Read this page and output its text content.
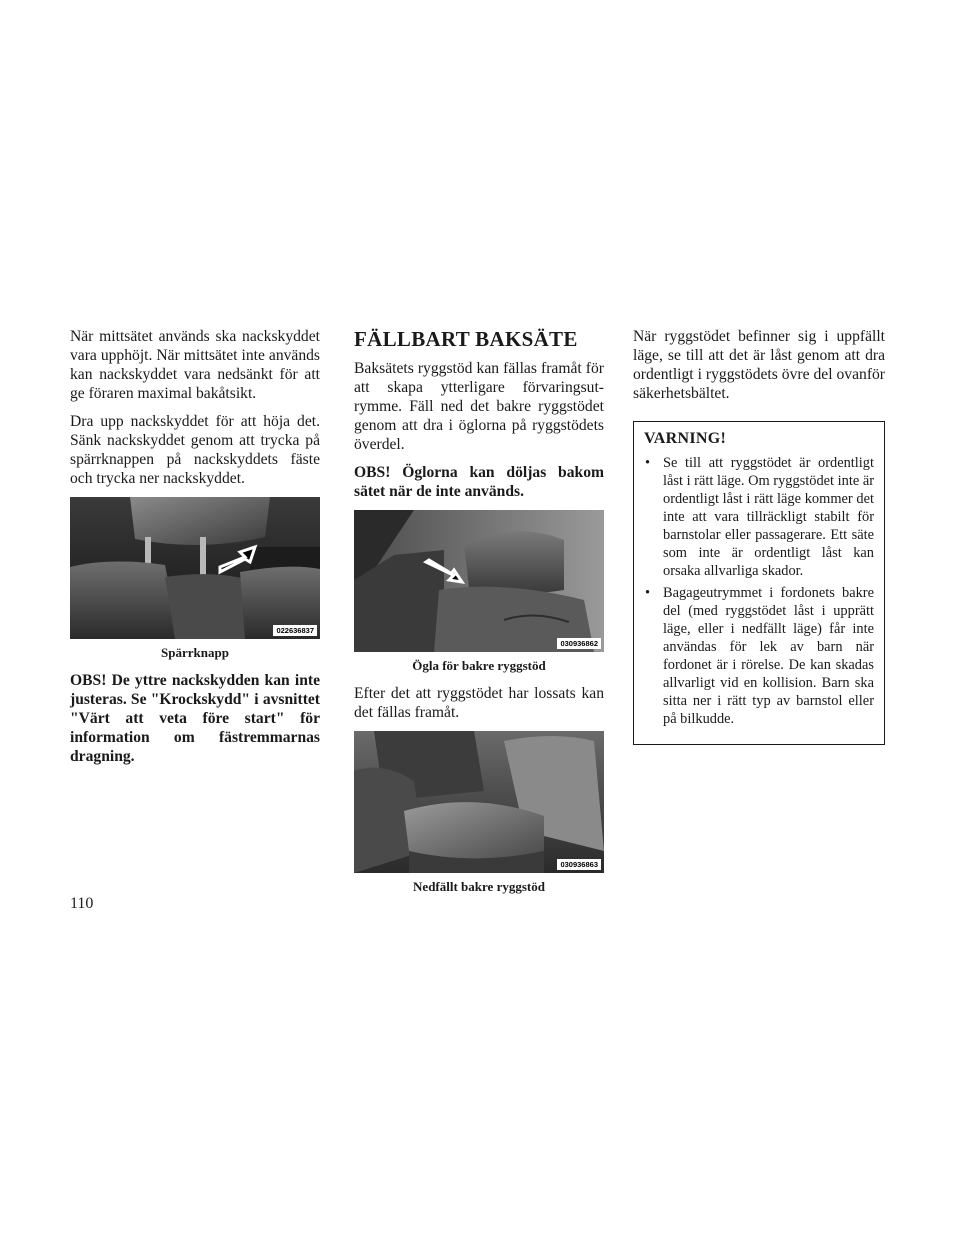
När mittsätet används ska nackskyddet vara upphöjt. När mittsätet inte används kan nackskyddet vara nedsänkt för att ge föraren maximal bakåtsikt.

Dra upp nackskyddet för att höja det. Sänk nackskyddet genom att trycka på spärrknappen på nackskyddets fäste och trycka ner nackskyddet.

022636837
Spärrknapp

OBS! De yttre nackskydden kan inte justeras. Se "Krockskydd" i avsnittet "Värt att veta före start" för information om fästremmarnas dragning.

FÄLLBART BAKSÄTE

Baksätets ryggstöd kan fällas framåt för att skapa ytterligare förvaringsutrymme. Fäll ned det bakre ryggstödet genom att dra i öglorna på ryggstödets överdel.

OBS! Öglorna kan döljas bakom sätet när de inte används.

030936862
Ögla för bakre ryggstöd

Efter det att ryggstödet har lossats kan det fällas framåt.

030936863
Nedfällt bakre ryggstöd

När ryggstödet befinner sig i uppfällt läge, se till att det är låst genom att dra ordentligt i ryggstödets övre del ovanför säkerhetsbältet.

VARNING!
• Se till att ryggstödet är ordentligt låst i rätt läge. Om ryggstödet inte är ordentligt låst i rätt läge kommer det inte att vara tillräckligt stabilt för barnstolar eller passagerare. Ett säte som inte är ordentligt låst kan orsaka allvarliga skador.
• Bagageutrymmet i fordonets bakre del (med ryggstödet låst i upprätt läge, eller i nedfällt läge) får inte användas för lek av barn när fordonet är i rörelse. De kan skadas allvarligt vid en kollision. Barn ska sitta ner i rätt typ av barnstol eller på bilkudde.
110
